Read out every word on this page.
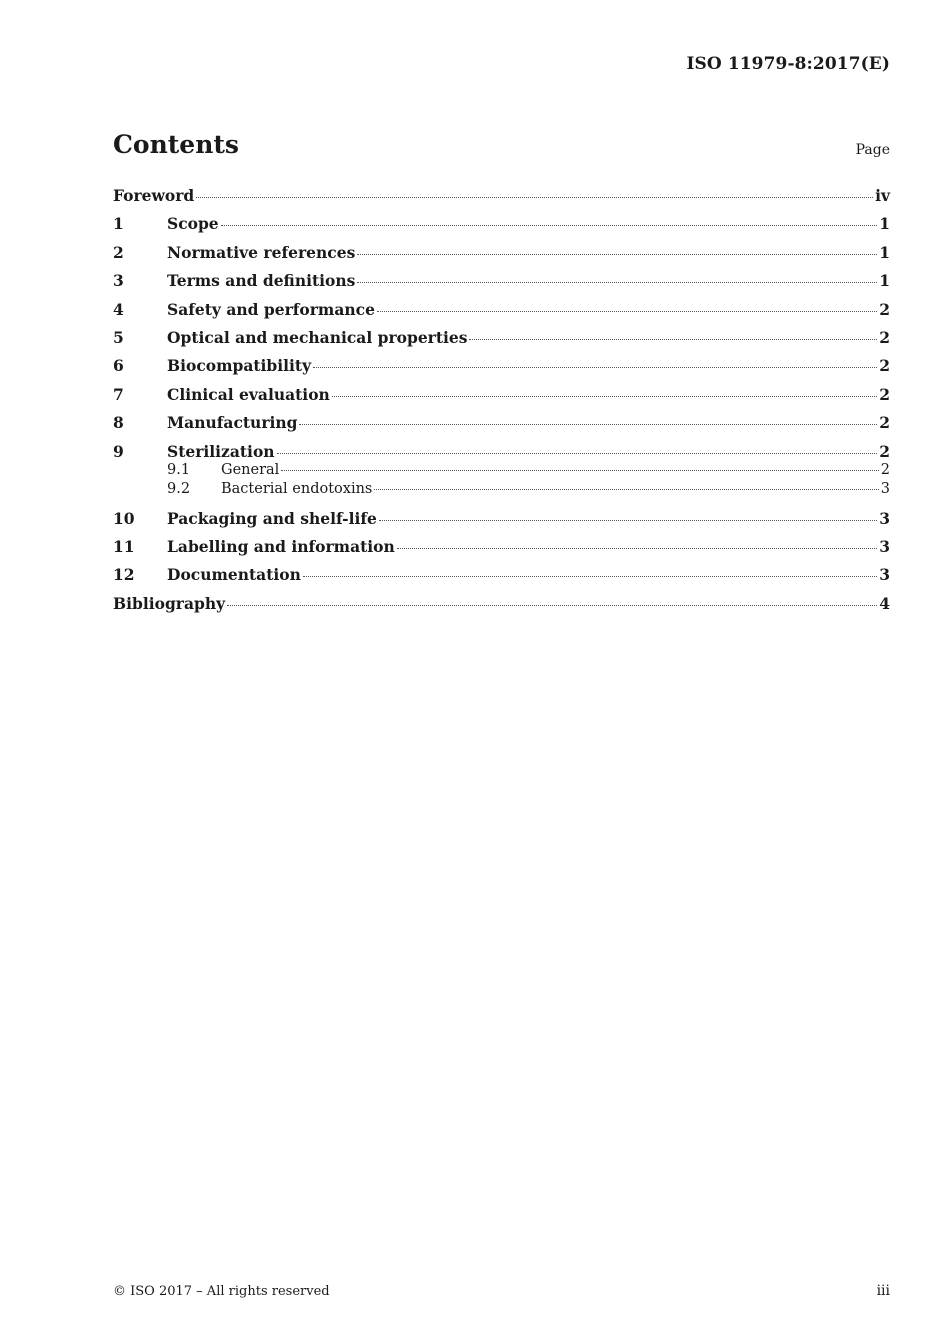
ISO 11979-8:2017(E)
Contents	Page
Foreword	iv
1	Scope	1
2	Normative references	1
3	Terms and definitions	1
4	Safety and performance	2
5	Optical and mechanical properties	2
6	Biocompatibility	2
7	Clinical evaluation	2
8	Manufacturing	2
9	Sterilization	2
9.1	General	2
9.2	Bacterial endotoxins	3
10	Packaging and shelf-life	3
11	Labelling and information	3
12	Documentation	3
Bibliography	4
© ISO 2017 – All rights reserved	iii
